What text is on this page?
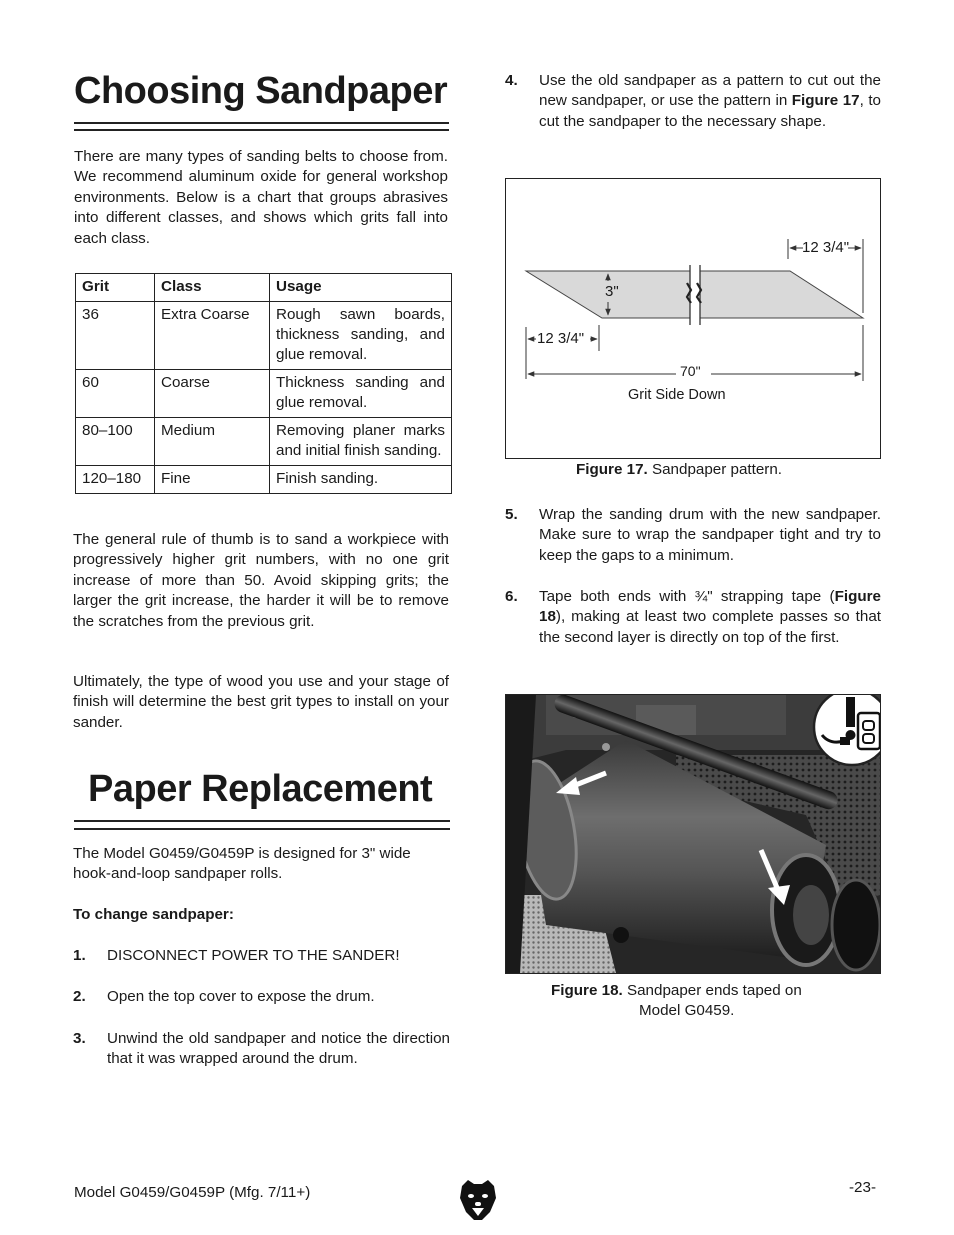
Choosing Sandpaper
There are many types of sanding belts to choose from. We recommend aluminum oxide for general workshop environments. Below is a chart that groups abrasives into different classes, and shows which grits fall into each class.
Grit	Class	Usage
36	Extra Coarse	Rough sawn boards, thickness sanding, and glue removal.
60	Coarse	Thickness sanding and glue removal.
80–100	Medium	Removing planer marks and initial finish sanding.
120–180	Fine	Finish sanding.
The general rule of thumb is to sand a workpiece with progressively higher grit numbers, with no one grit increase of more than 50. Avoid skipping grits; the larger the grit increase, the harder it will be to remove the scratches from the previous grit.
Ultimately, the type of wood you use and your stage of finish will determine the best grit types to install on your sander.
Paper Replacement
The Model G0459/G0459P is designed for 3" wide hook-and-loop sandpaper rolls.
To change sandpaper:
1. DISCONNECT POWER TO THE SANDER!
2. Open the top cover to expose the drum.
3. Unwind the old sandpaper and notice the direction that it was wrapped around the drum.
4. Use the old sandpaper as a pattern to cut out the new sandpaper, or use the pattern in Figure 17, to cut the sandpaper to the necessary shape.
12 3/4"
3"
12 3/4"
70"
Grit Side Down
Figure 17. Sandpaper pattern.
5. Wrap the sanding drum with the new sandpaper. Make sure to wrap the sandpaper tight and try to keep the gaps to a minimum.
6. Tape both ends with ¾" strapping tape (Figure 18), making at least two complete passes so that the second layer is directly on top of the first.
Figure 18. Sandpaper ends taped on
Model G0459.
Model G0459/G0459P (Mfg. 7/11+)	-23-
